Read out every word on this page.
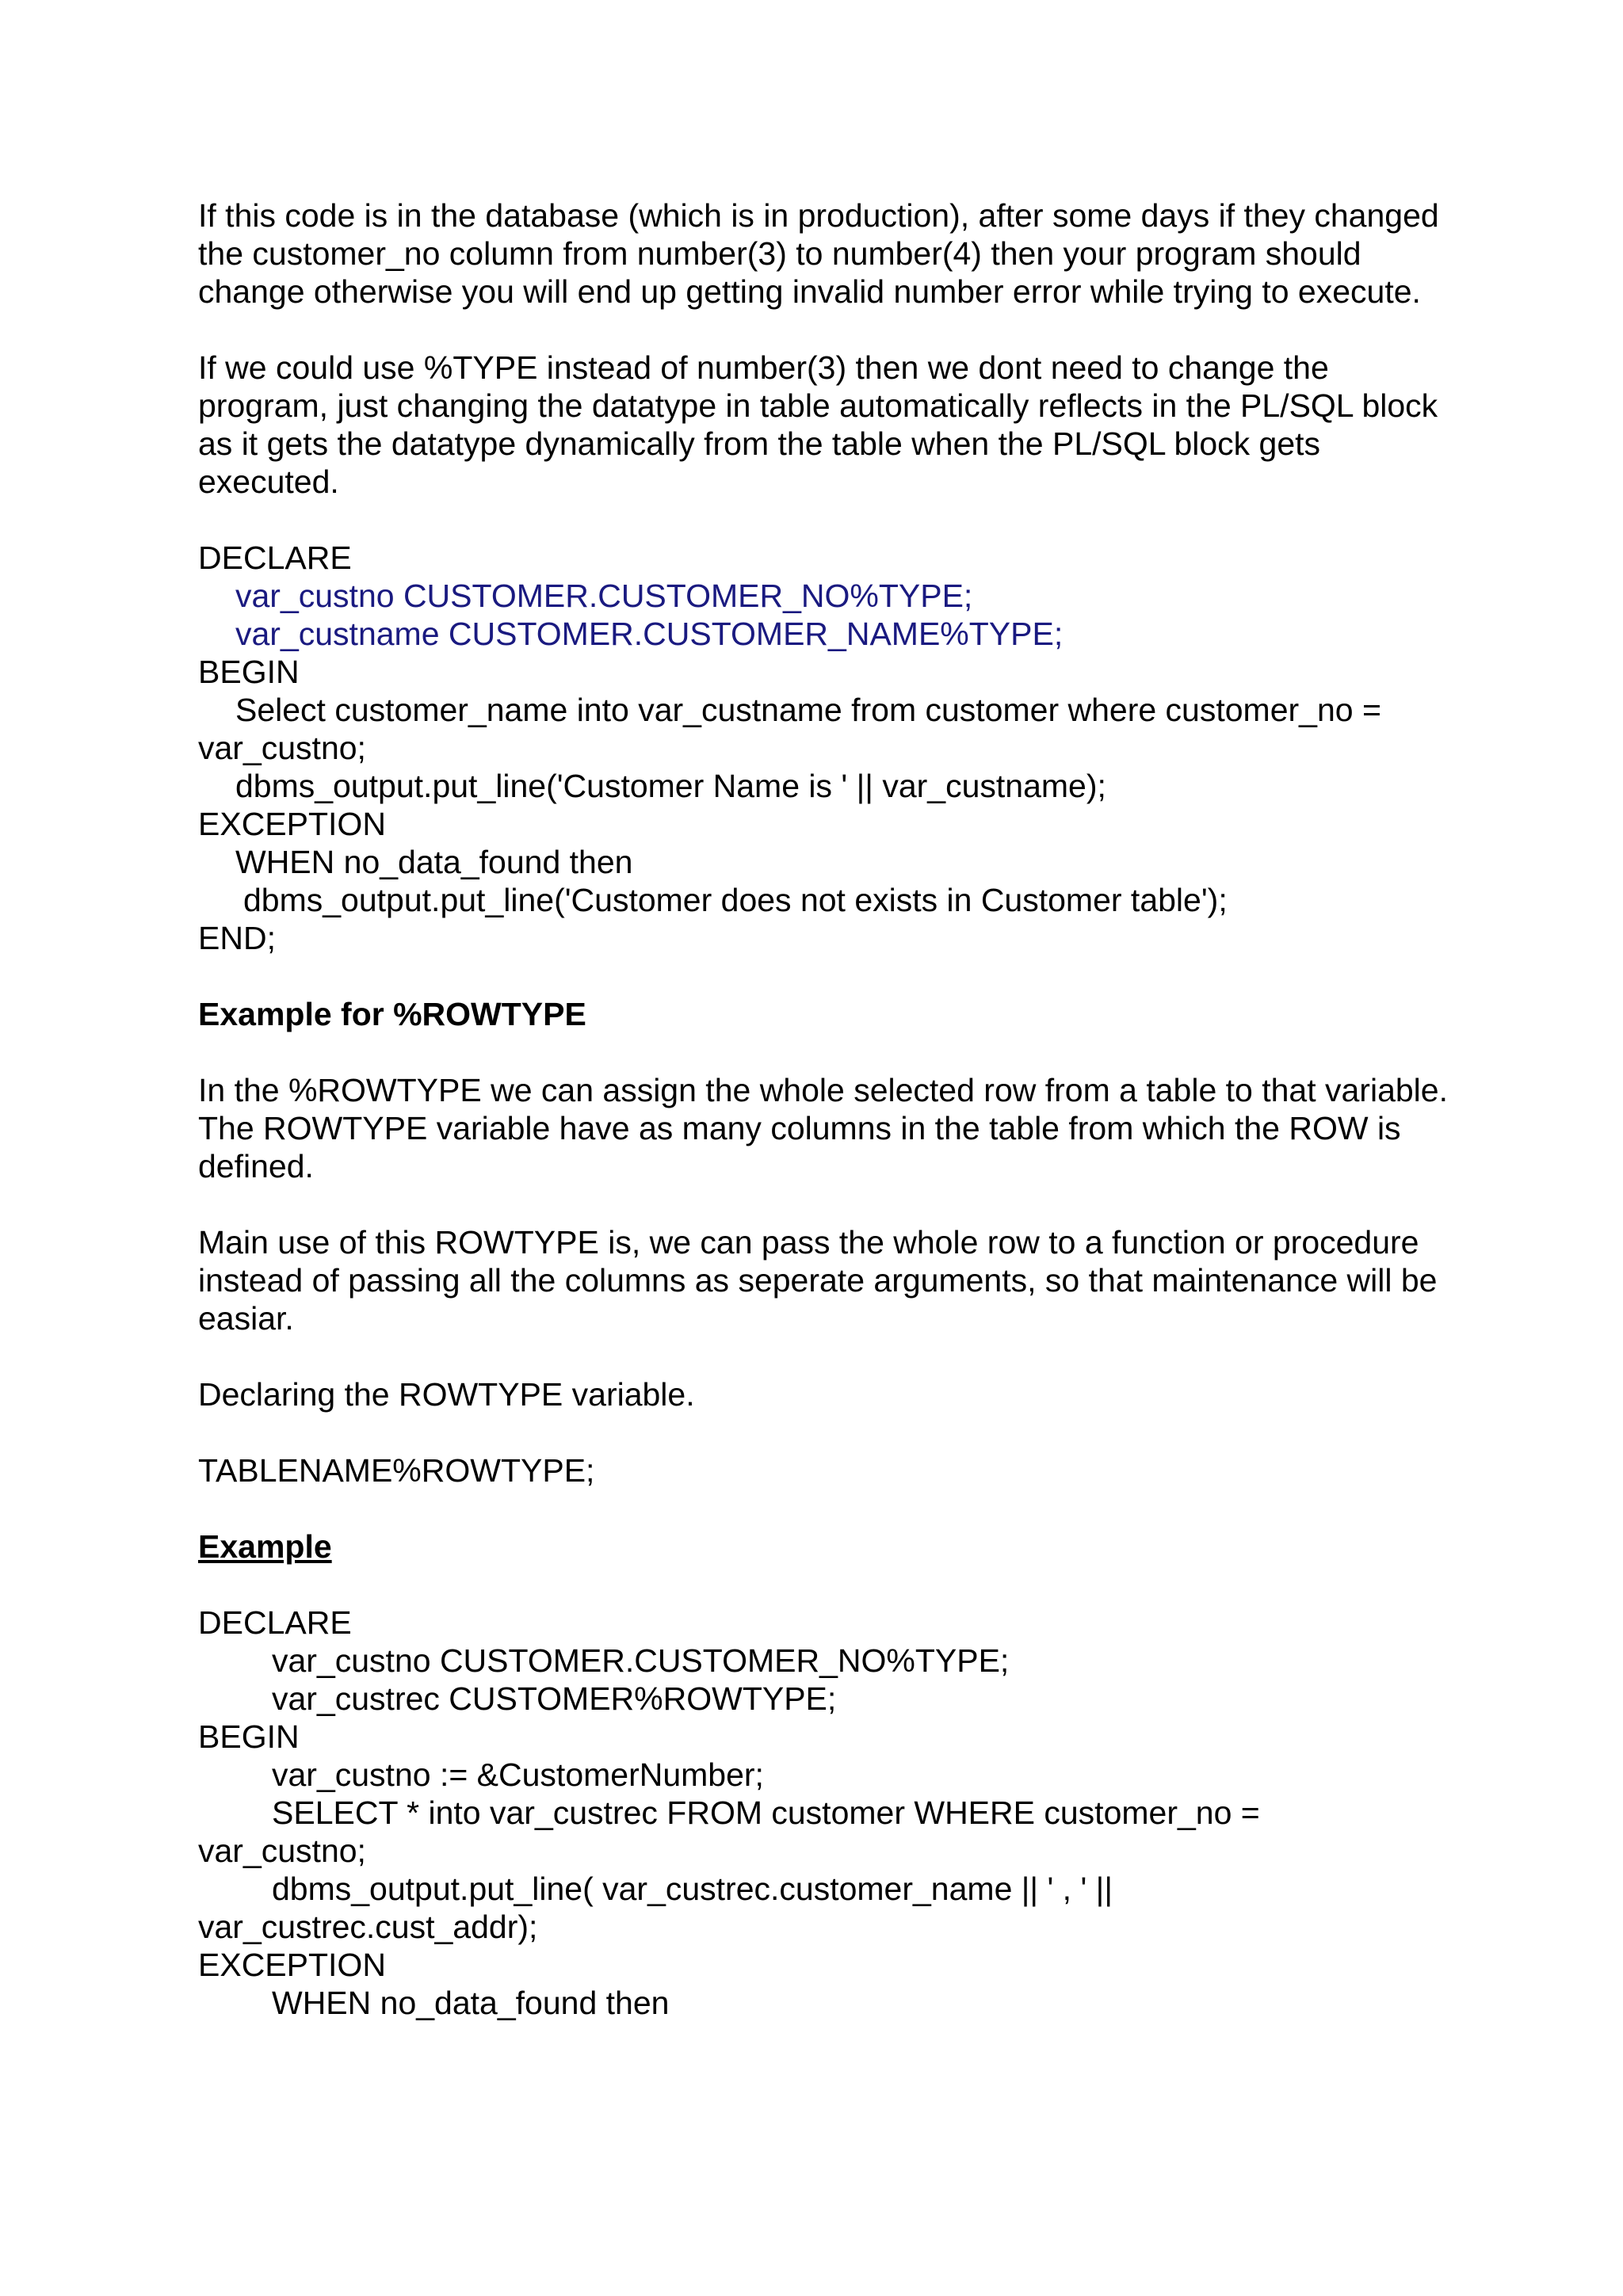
If this code is in the database (which is in production), after some days if they changed the customer_no column from number(3) to number(4) then your program should change otherwise you will end up getting invalid number error while trying to execute.

If we could use %TYPE instead of number(3) then we dont need to change the program, just changing the datatype in table automatically reflects in the PL/SQL block as it gets the datatype dynamically from the table when the PL/SQL block gets executed.

DECLARE
var_custno CUSTOMER.CUSTOMER_NO%TYPE;
var_custname CUSTOMER.CUSTOMER_NAME%TYPE;
BEGIN
Select customer_name into var_custname from customer where customer_no =
var_custno;
dbms_output.put_line('Customer Name is ' || var_custname);
EXCEPTION
WHEN no_data_found then
dbms_output.put_line('Customer does not exists in Customer table');
END;
Example for %ROWTYPE

In the %ROWTYPE we can assign the whole selected row from a table to that variable. The ROWTYPE variable have as many columns in the table from which the ROW is defined.

Main use of this ROWTYPE is, we can pass the whole row to a function or procedure instead of passing all the columns as seperate arguments, so that maintenance will be easiar.

Declaring the ROWTYPE variable.

TABLENAME%ROWTYPE;

Example
DECLARE
var_custno CUSTOMER.CUSTOMER_NO%TYPE;
var_custrec CUSTOMER%ROWTYPE;
BEGIN
var_custno := &CustomerNumber;
SELECT * into var_custrec FROM customer WHERE customer_no =
var_custno;
dbms_output.put_line( var_custrec.customer_name || ' , ' ||
var_custrec.cust_addr);
EXCEPTION
WHEN no_data_found then
